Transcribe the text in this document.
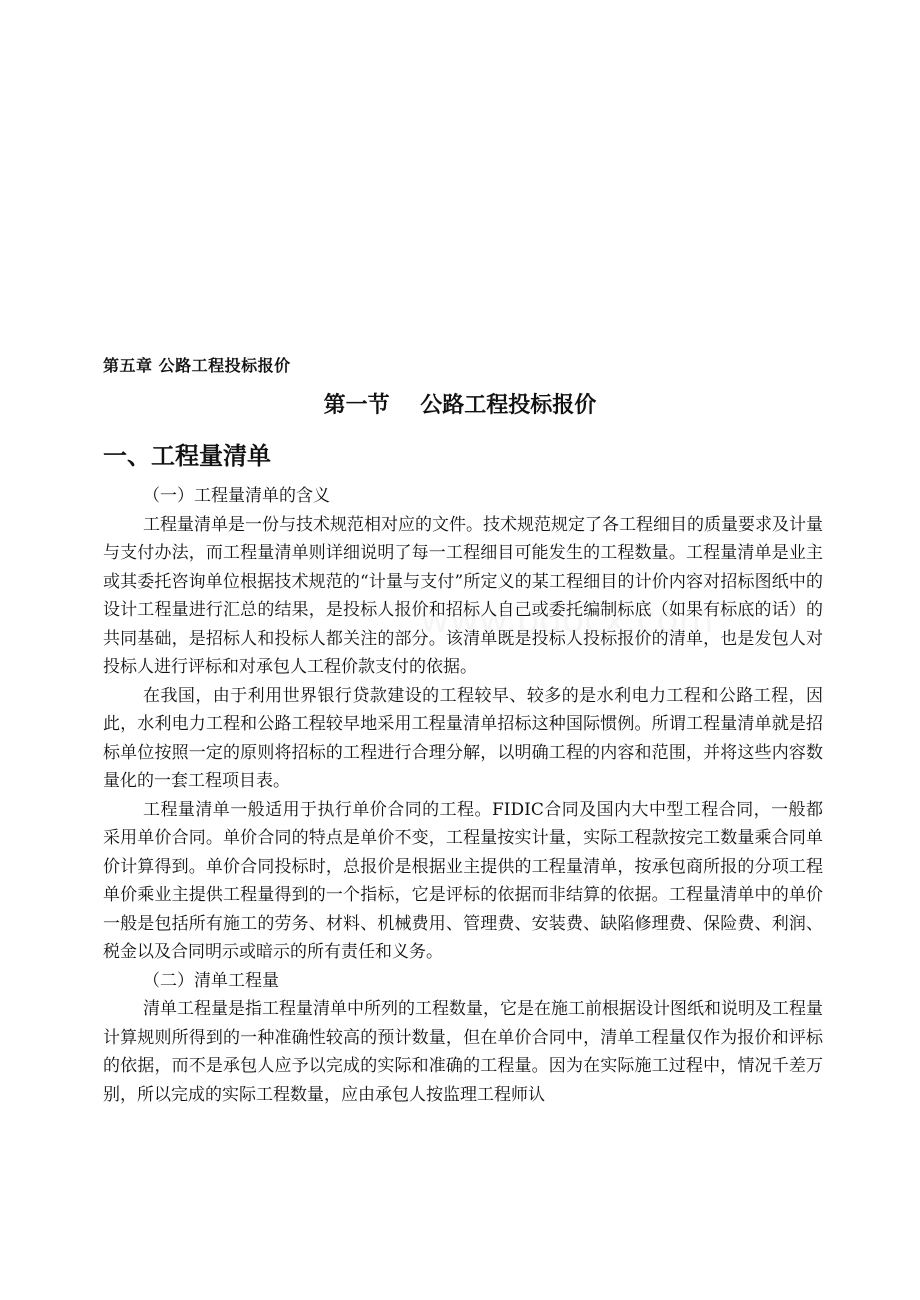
第五章 公路工程投标报价
第一节    公路工程投标报价
一、工程量清单

（一）工程量清单的含义

工程量清单是一份与技术规范相对应的文件。技术规范规定了各工程细目的质量要求及计量与支付办法，而工程量清单则详细说明了每一工程细目可能发生的工程数量。工程量清单是业主或其委托咨询单位根据技术规范的“计量与支付”所定义的某工程细目的计价内容对招标图纸中的设计工程量进行汇总的结果，是投标人报价和招标人自己或委托编制标底（如果有标底的话）的共同基础，是招标人和投标人都关注的部分。该清单既是投标人投标报价的清单，也是发包人对投标人进行评标和对承包人工程价款支付的依据。

在我国，由于利用世界银行贷款建设的工程较早、较多的是水利电力工程和公路工程，因此，水利电力工程和公路工程较早地采用工程量清单招标这种国际惯例。所谓工程量清单就是招标单位按照一定的原则将招标的工程进行合理分解，以明确工程的内容和范围，并将这些内容数量化的一套工程项目表。

工程量清单一般适用于执行单价合同的工程。FIDIC合同及国内大中型工程合同，一般都采用单价合同。单价合同的特点是单价不变，工程量按实计量，实际工程款按完工数量乘合同单价计算得到。单价合同投标时，总报价是根据业主提供的工程量清单，按承包商所报的分项工程单价乘业主提供工程量得到的一个指标，它是评标的依据而非结算的依据。工程量清单中的单价一般是包括所有施工的劳务、材料、机械费用、管理费、安装费、缺陷修理费、保险费、利润、税金以及合同明示或暗示的所有责任和义务。

（二）清单工程量

清单工程量是指工程量清单中所列的工程数量，它是在施工前根据设计图纸和说明及工程量计算规则所得到的一种准确性较高的预计数量，但在单价合同中，清单工程量仅作为报价和评标的依据，而不是承包人应予以完成的实际和准确的工程量。因为在实际施工过程中，情况千差万别，所以完成的实际工程数量，应由承包人按监理工程师认
